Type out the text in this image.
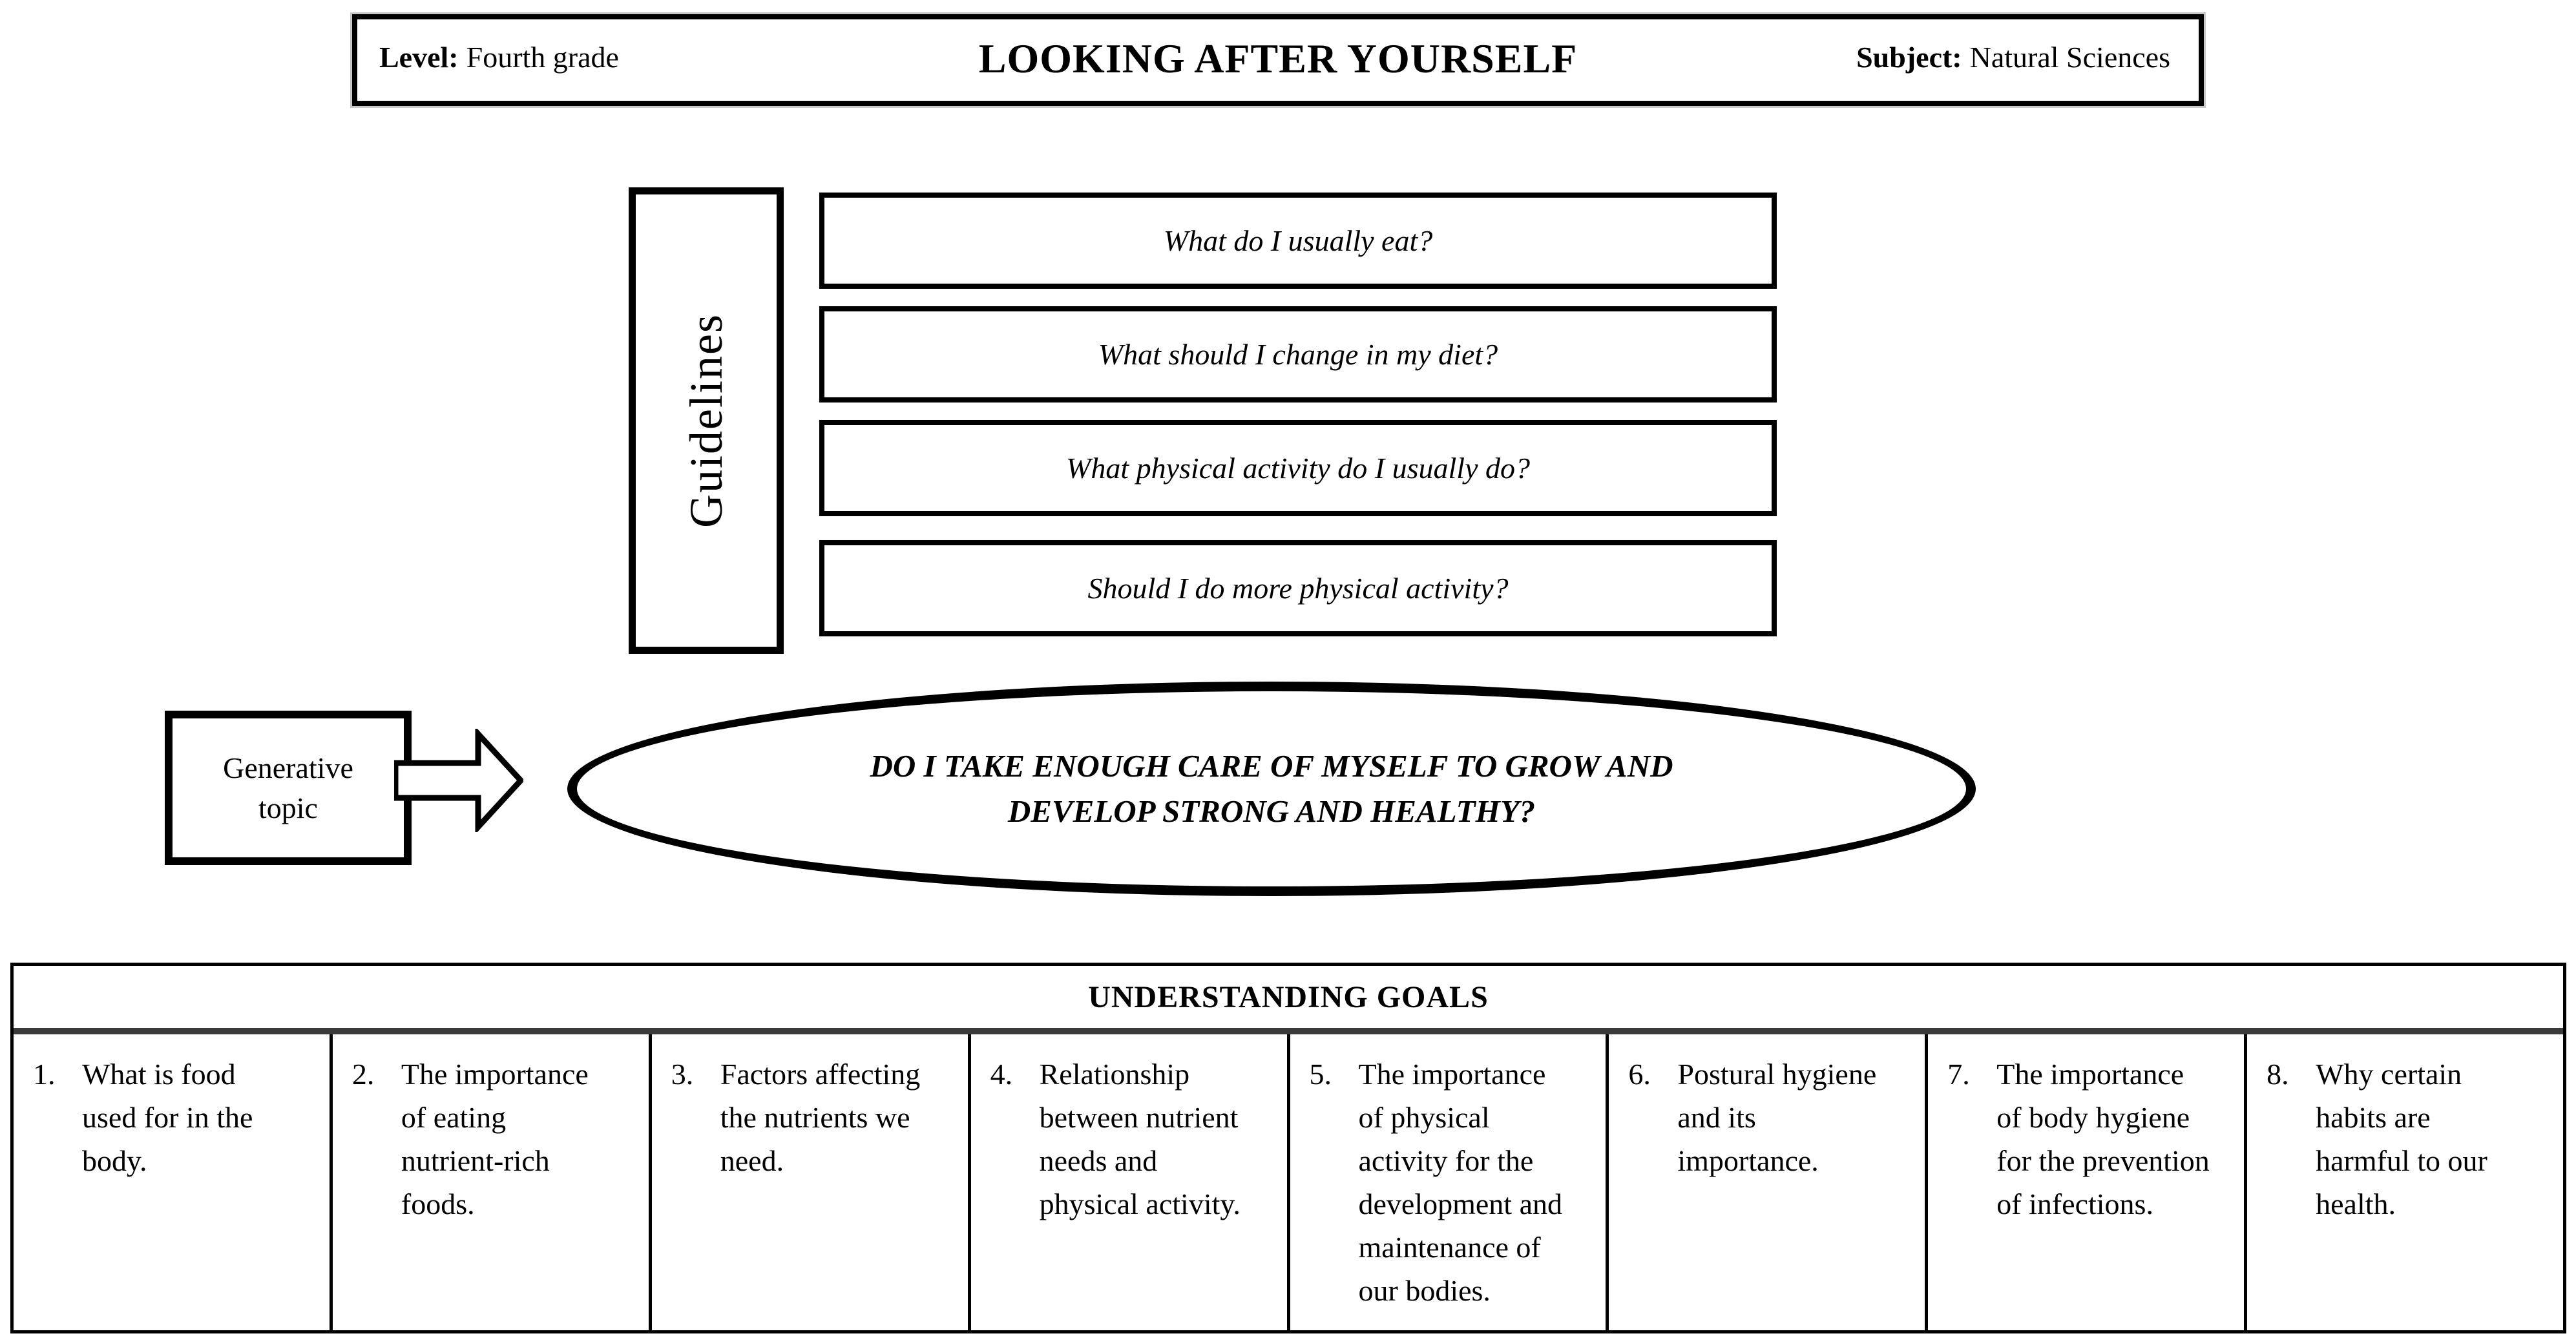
Level: Fourth grade	LOOKING AFTER YOURSELF	Subject: Natural Sciences
Guidelines
What do I usually eat?
What should I change in my diet?
What physical activity do I usually do?
Should I do more physical activity?
Generative
topic
DO I TAKE ENOUGH CARE OF MYSELF TO GROW AND
DEVELOP STRONG AND HEALTHY?
UNDERSTANDING GOALS
1. What is food used for in the body.
2. The importance of eating nutrient-rich foods.
3. Factors affecting the nutrients we need.
4. Relationship between nutrient needs and physical activity.
5. The importance of physical activity for the development and maintenance of our bodies.
6. Postural hygiene and its importance.
7. The importance of body hygiene for the prevention of infections.
8. Why certain habits are harmful to our health.
